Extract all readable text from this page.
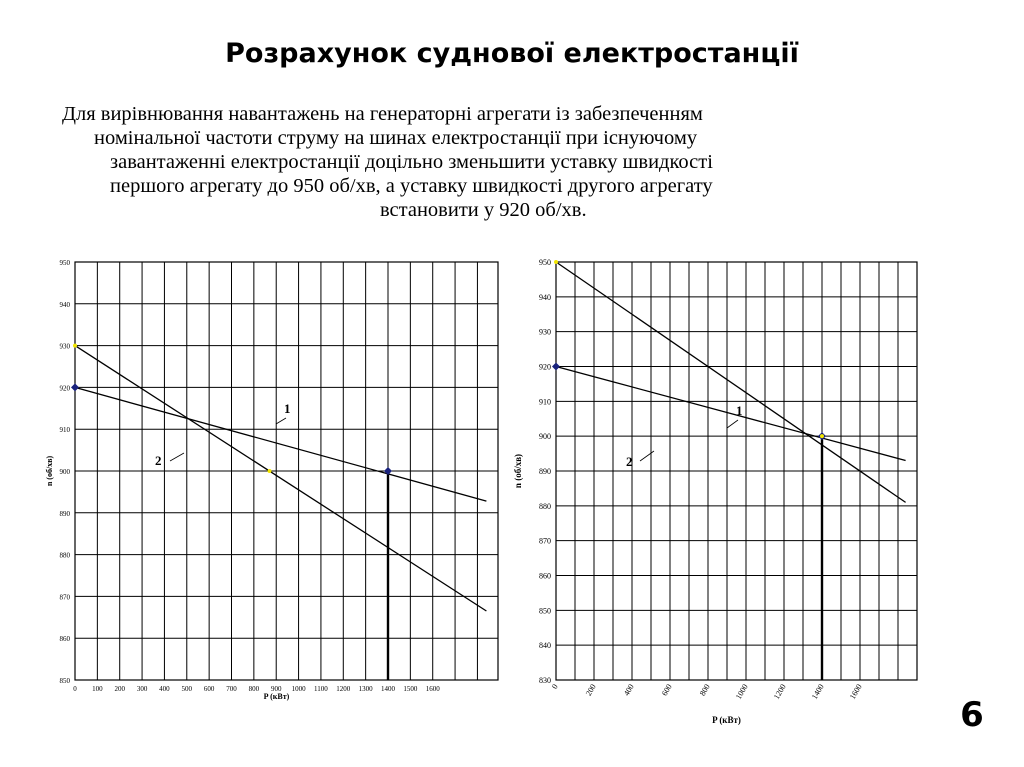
Розрахунок суднової електростанції
Для вирівнювання навантажень на генераторні агрегати із забезпеченням
номінальної частоти струму на шинах електростанції при існуючому
завантаженні електростанції доцільно зменьшити уставку швидкості
першого агрегату до 950 об/хв, а уставку швидкості другого агрегату
встановити у 920 об/хв.
850
860
870
880
890
900
910
920
930
940
950
0 100 200 300 400 500 600 700 800 900 1000 1100 1200 1300 1400 1500 1600
P (кВт)
n (об/хв)
1
2
830
840
850
860
870
880
890
900
910
920
930
940
950
0	200	400	600	800	1000	1200	1400	1600
P (кВт)
n (об/хв)
1
2
6
